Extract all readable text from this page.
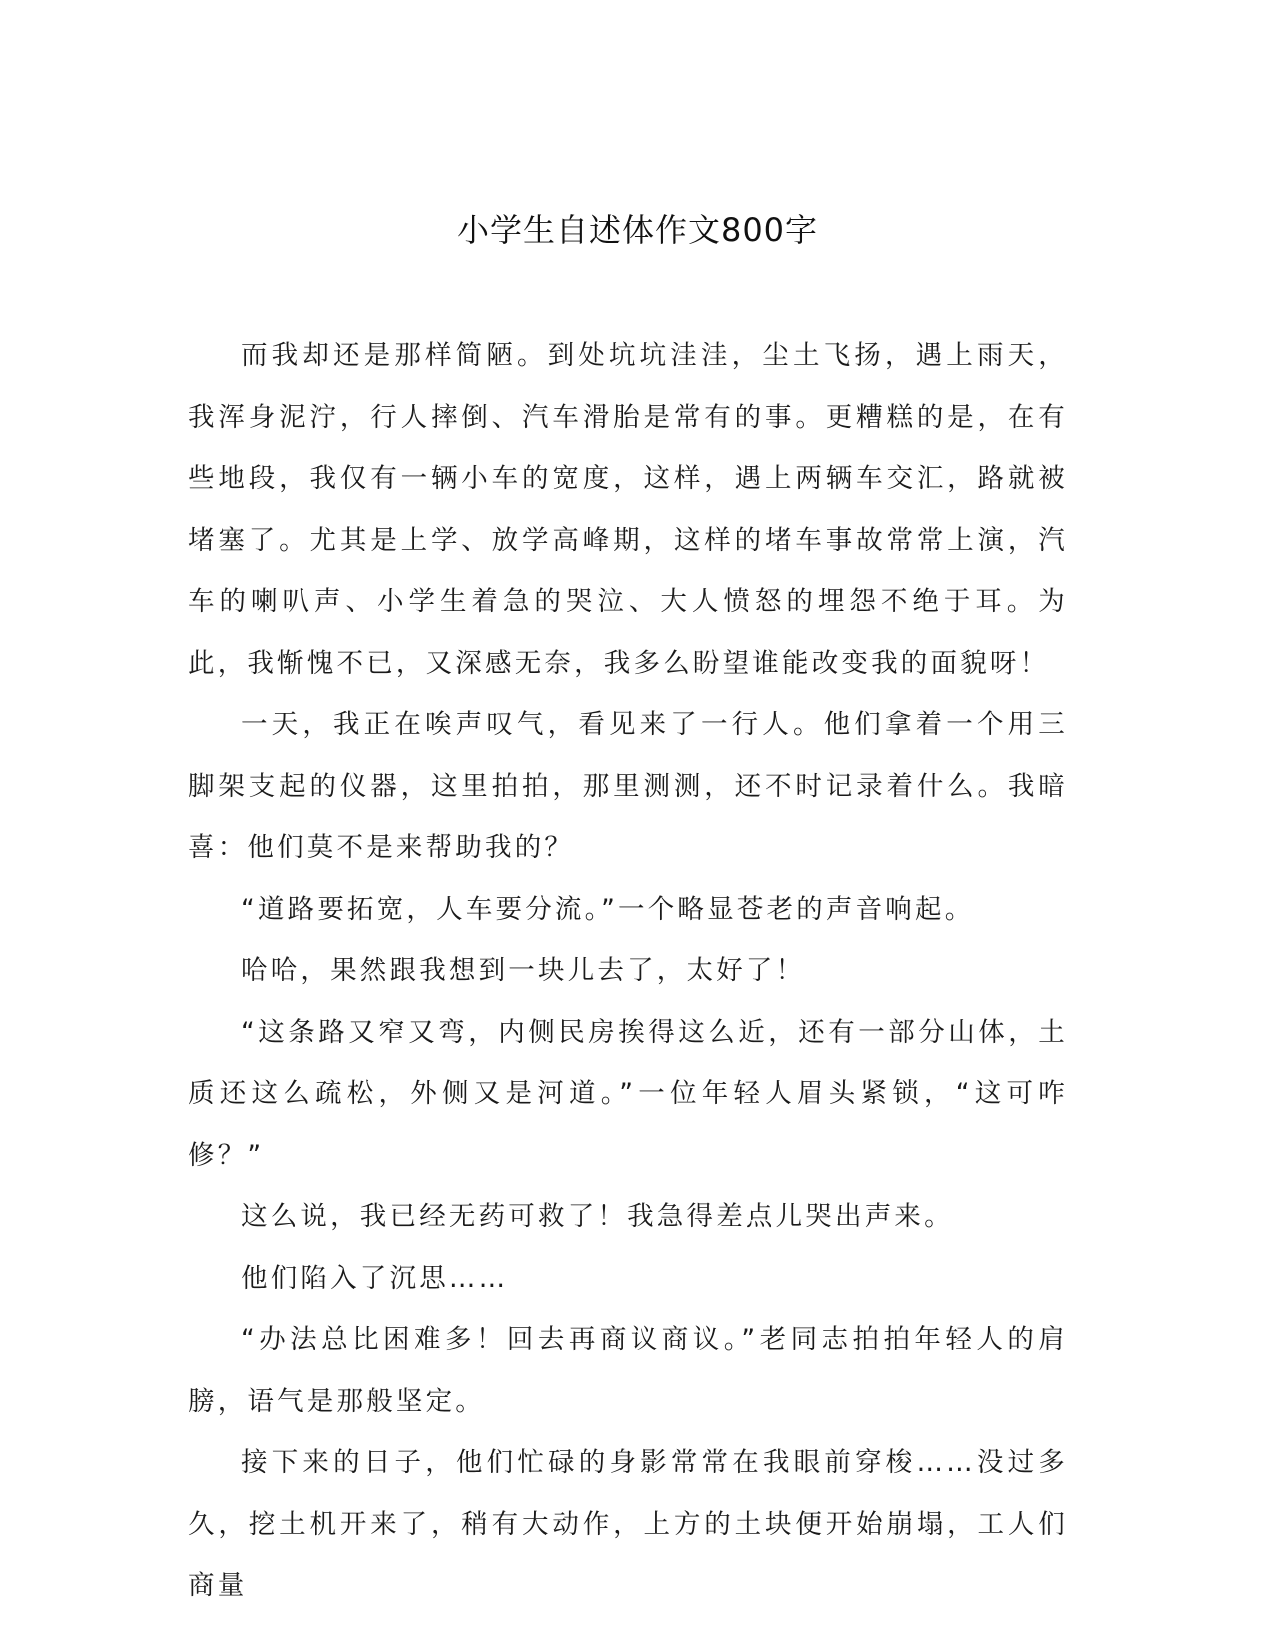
小学生自述体作文800字

而我却还是那样简陋。到处坑坑洼洼，尘土飞扬，遇上雨天，我浑身泥泞，行人摔倒、汽车滑胎是常有的事。更糟糕的是，在有些地段，我仅有一辆小车的宽度，这样，遇上两辆车交汇，路就被堵塞了。尤其是上学、放学高峰期，这样的堵车事故常常上演，汽车的喇叭声、小学生着急的哭泣、大人愤怒的埋怨不绝于耳。为此，我惭愧不已，又深感无奈，我多么盼望谁能改变我的面貌呀！

一天，我正在唉声叹气，看见来了一行人。他们拿着一个用三脚架支起的仪器，这里拍拍，那里测测，还不时记录着什么。我暗喜：他们莫不是来帮助我的？

“道路要拓宽，人车要分流。”一个略显苍老的声音响起。

哈哈，果然跟我想到一块儿去了，太好了！

“这条路又窄又弯，内侧民房挨得这么近，还有一部分山体，土质还这么疏松，外侧又是河道。”一位年轻人眉头紧锁，“这可咋修？”

这么说，我已经无药可救了！我急得差点儿哭出声来。

他们陷入了沉思……

“办法总比困难多！回去再商议商议。”老同志拍拍年轻人的肩膀，语气是那般坚定。

接下来的日子，他们忙碌的身影常常在我眼前穿梭……没过多久，挖土机开来了，稍有大动作，上方的土块便开始崩塌，工人们商量
